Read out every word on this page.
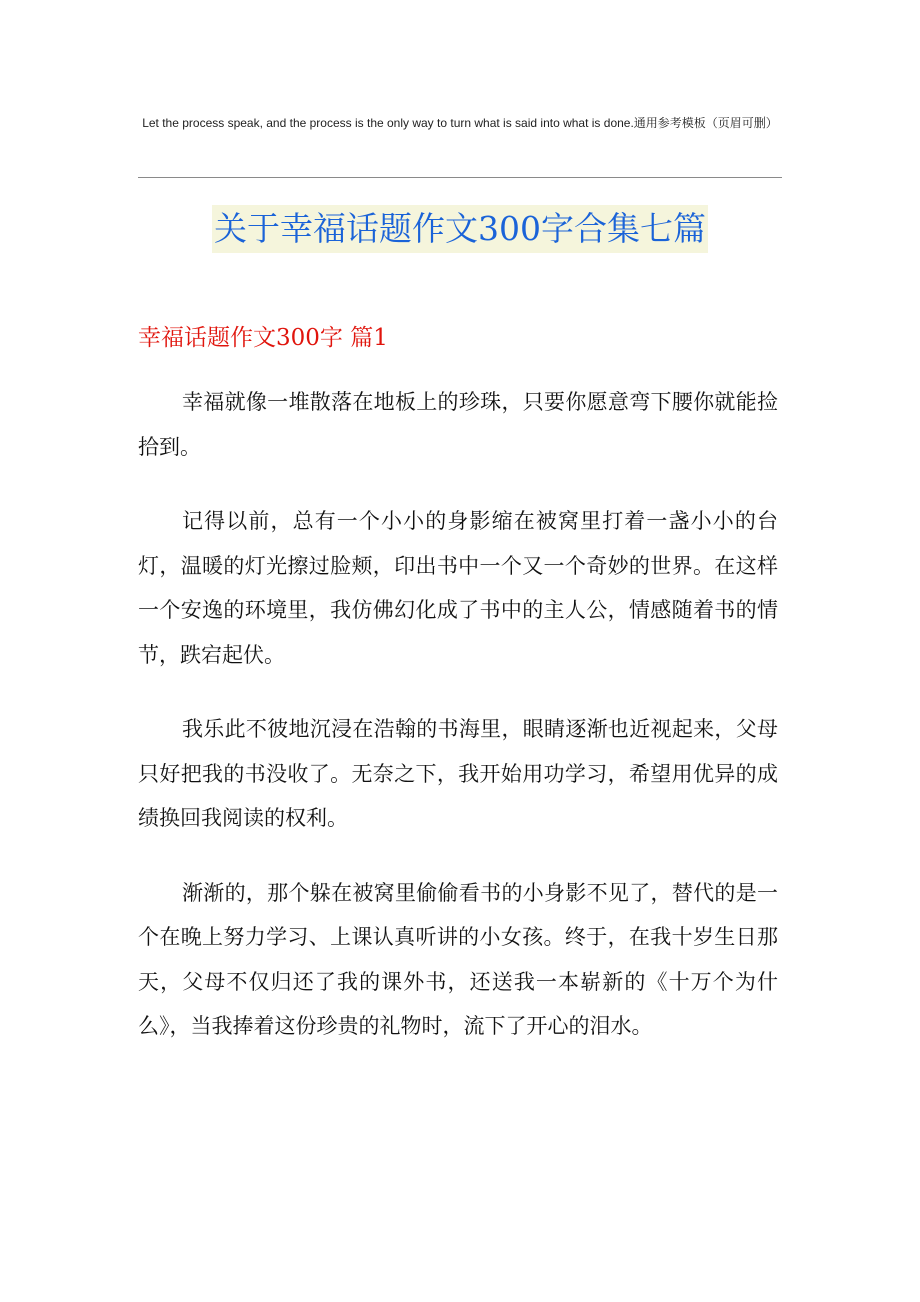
Let the process speak, and the process is the only way to turn what is said into what is done.通用参考模板（页眉可删）
关于幸福话题作文300字合集七篇
幸福话题作文300字 篇1

幸福就像一堆散落在地板上的珍珠，只要你愿意弯下腰你就能捡拾到。

记得以前，总有一个小小的身影缩在被窝里打着一盏小小的台灯，温暖的灯光擦过脸颊，印出书中一个又一个奇妙的世界。在这样一个安逸的环境里，我仿佛幻化成了书中的主人公，情感随着书的情节，跌宕起伏。

我乐此不彼地沉浸在浩翰的书海里，眼睛逐渐也近视起来，父母只好把我的书没收了。无奈之下，我开始用功学习，希望用优异的成绩换回我阅读的权利。

渐渐的，那个躲在被窝里偷偷看书的小身影不见了，替代的是一个在晚上努力学习、上课认真听讲的小女孩。终于，在我十岁生日那天，父母不仅归还了我的课外书，还送我一本崭新的《十万个为什么》，当我捧着这份珍贵的礼物时，流下了开心的泪水。
